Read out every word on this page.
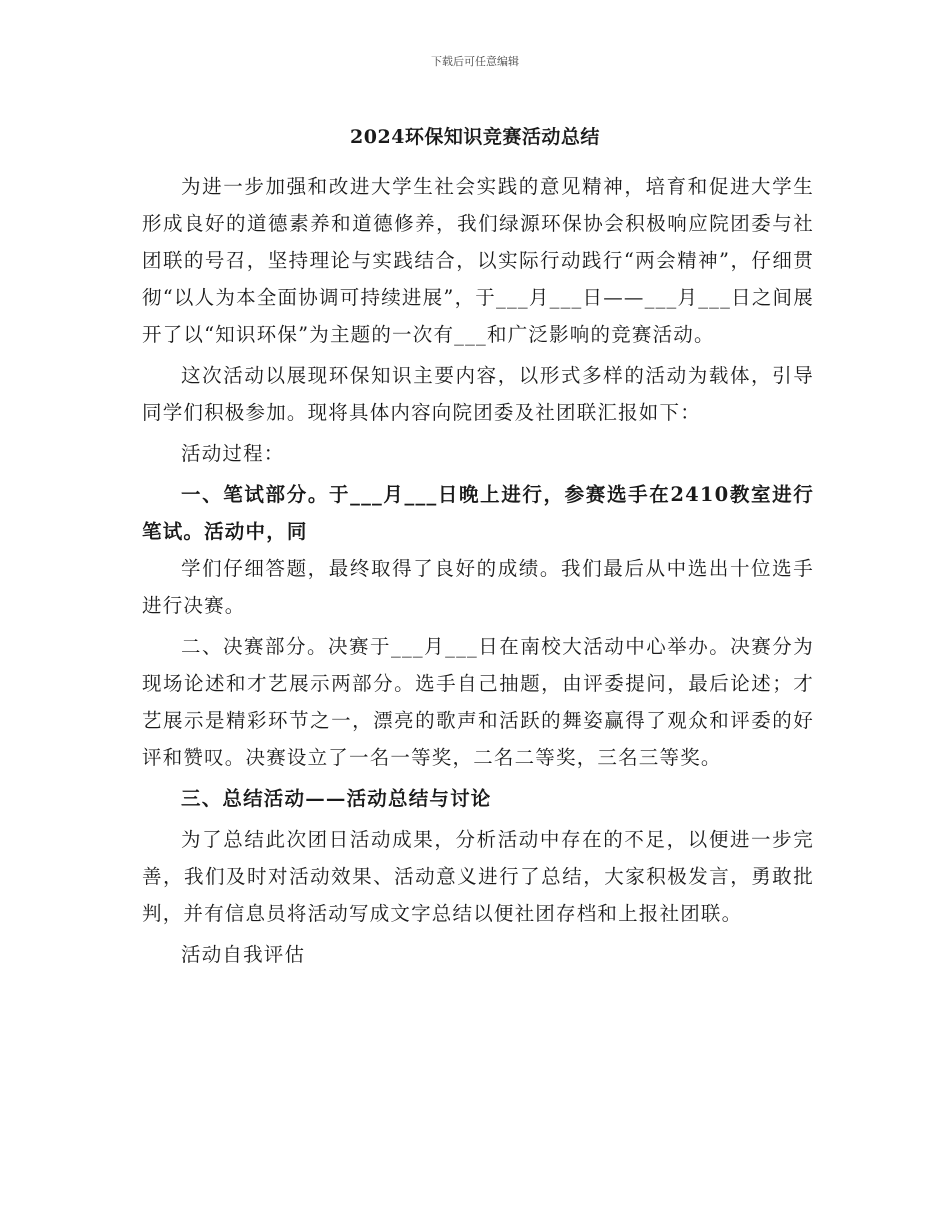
下载后可任意编辑
2024环保知识竞赛活动总结

为进一步加强和改进大学生社会实践的意见精神，培育和促进大学生形成良好的道德素养和道德修养，我们绿源环保协会积极响应院团委与社团联的号召，坚持理论与实践结合，以实际行动践行“两会精神”，仔细贯彻“以人为本全面协调可持续进展”，于___月___日——___月___日之间展开了以“知识环保”为主题的一次有___和广泛影响的竞赛活动。

这次活动以展现环保知识主要内容，以形式多样的活动为载体，引导同学们积极参加。现将具体内容向院团委及社团联汇报如下：

活动过程：

一、笔试部分。于___月___日晚上进行，参赛选手在2410教室进行笔试。活动中，同

学们仔细答题，最终取得了良好的成绩。我们最后从中选出十位选手进行决赛。

二、决赛部分。决赛于___月___日在南校大活动中心举办。决赛分为现场论述和才艺展示两部分。选手自己抽题，由评委提问，最后论述；才艺展示是精彩环节之一，漂亮的歌声和活跃的舞姿赢得了观众和评委的好评和赞叹。决赛设立了一名一等奖，二名二等奖，三名三等奖。

三、总结活动——活动总结与讨论

为了总结此次团日活动成果，分析活动中存在的不足，以便进一步完善，我们及时对活动效果、活动意义进行了总结，大家积极发言，勇敢批判，并有信息员将活动写成文字总结以便社团存档和上报社团联。

活动自我评估
